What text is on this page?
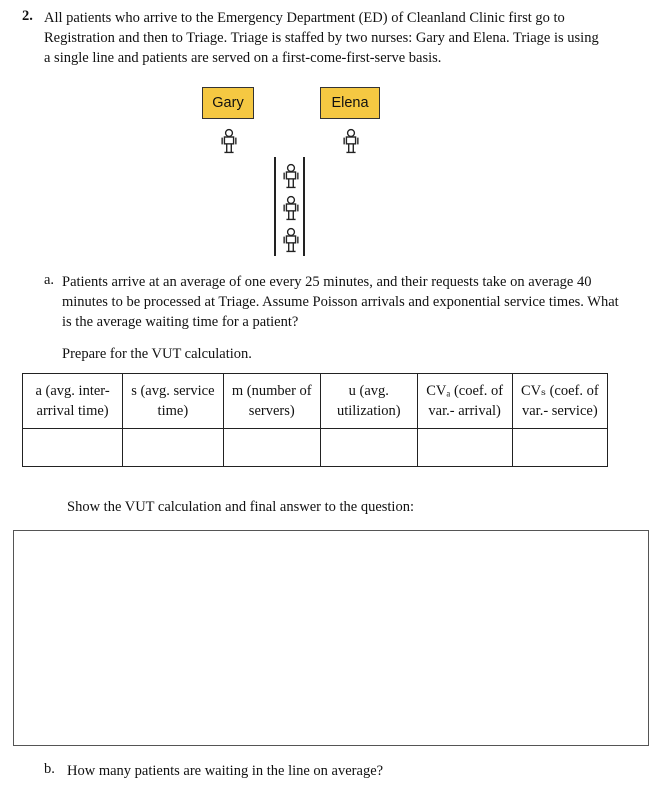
2. All patients who arrive to the Emergency Department (ED) of Cleanland Clinic first go to Registration and then to Triage. Triage is staffed by two nurses: Gary and Elena. Triage is using a single line and patients are served on a first-come-first-serve basis.
Gary	Elena
a. Patients arrive at an average of one every 25 minutes, and their requests take on average 40 minutes to be processed at Triage. Assume Poisson arrivals and exponential service times. What is the average waiting time for a patient?
Prepare for the VUT calculation.
a (avg. inter-arrival time)	s (avg. service time)	m (number of servers)	u (avg. utilization)	CVₐ (coef. of var.- arrival)	CVₛ (coef. of var.- service)

Show the VUT calculation and final answer to the question:
b. How many patients are waiting in the line on average?
